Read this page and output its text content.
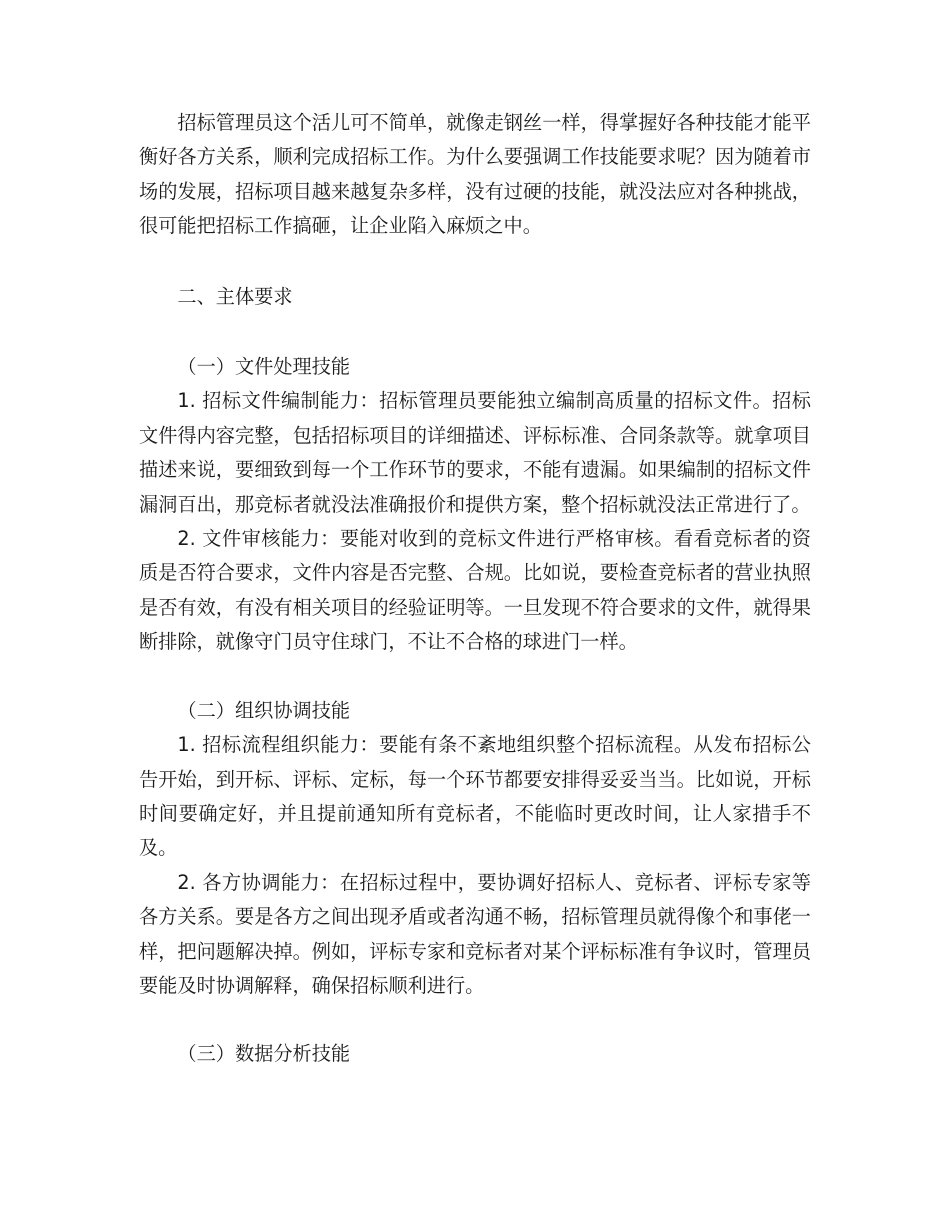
招标管理员这个活儿可不简单，就像走钢丝一样，得掌握好各种技能才能平衡好各方关系，顺利完成招标工作。为什么要强调工作技能要求呢？因为随着市场的发展，招标项目越来越复杂多样，没有过硬的技能，就没法应对各种挑战，很可能把招标工作搞砸，让企业陷入麻烦之中。

二、主体要求

（一）文件处理技能

1. 招标文件编制能力：招标管理员要能独立编制高质量的招标文件。招标文件得内容完整，包括招标项目的详细描述、评标标准、合同条款等。就拿项目描述来说，要细致到每一个工作环节的要求，不能有遗漏。如果编制的招标文件漏洞百出，那竞标者就没法准确报价和提供方案，整个招标就没法正常进行了。

2. 文件审核能力：要能对收到的竞标文件进行严格审核。看看竞标者的资质是否符合要求，文件内容是否完整、合规。比如说，要检查竞标者的营业执照是否有效，有没有相关项目的经验证明等。一旦发现不符合要求的文件，就得果断排除，就像守门员守住球门，不让不合格的球进门一样。

（二）组织协调技能

1. 招标流程组织能力：要能有条不紊地组织整个招标流程。从发布招标公告开始，到开标、评标、定标，每一个环节都要安排得妥妥当当。比如说，开标时间要确定好，并且提前通知所有竞标者，不能临时更改时间，让人家措手不及。

2. 各方协调能力：在招标过程中，要协调好招标人、竞标者、评标专家等各方关系。要是各方之间出现矛盾或者沟通不畅，招标管理员就得像个和事佬一样，把问题解决掉。例如，评标专家和竞标者对某个评标标准有争议时，管理员要能及时协调解释，确保招标顺利进行。

（三）数据分析技能
